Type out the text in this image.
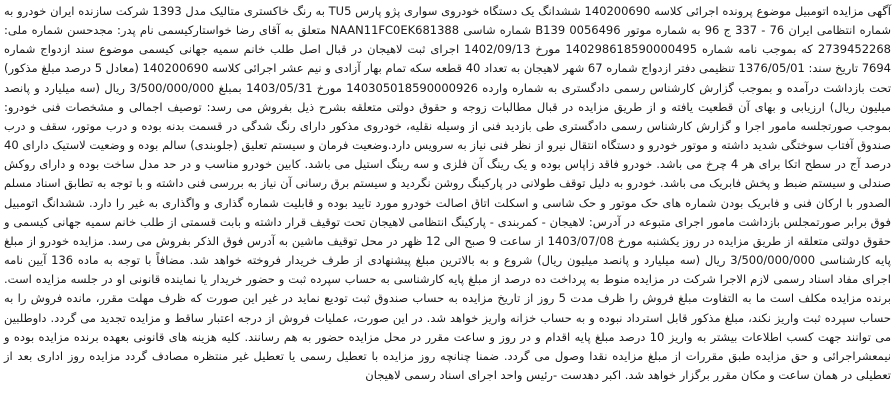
آگهی مزایده اتومبیل موضوع پرونده اجرائی کلاسه 140200690 ششدانگ یک دستگاه خودروی سواری پژو پارس TU5 به رنگ خاکستری متالیک مدل 1393 شرکت سازنده ایران خودرو به شماره انتظامی ایران 76 - 337 ج 96 به شماره موتور 0056496 B139 شماره شاسی NAAN11FC0EK681388 متعلق به آقای رضا خواستارکیسمی نام پدر: مجدحسن شماره ملی: 2739452268 که بموجب نامه شماره 140298618590000495 مورخ 1402/09/13 اجرای ثبت لاهیجان در قبال اصل طلب خانم سمیه جهانی کیسمی موضوع سند ازدواج شماره 7694 تاریخ سند: 1376/05/01 تنظیمی دفتر ازدواج شماره 67 شهر لاهیجان به تعداد 40 قطعه سکه تمام بهار آزادی و نیم عشر اجرائی کلاسه 140200690 (معادل 5 درصد مبلغ مذکور) تحت بازداشت درآمده و بموجب گزارش کارشناس رسمی دادگستری به شماره وارده 140305018590000926 مورخ 1403/05/31 بمبلغ 3/500/000/000 ریال (سه میلیارد و پانصد میلیون ریال) ارزیابی و بهای آن قطعیت یافته و از طریق مزایده در قبال مطالبات زوجه و حقوق دولتی متعلقه بشرح ذیل بفروش می رسد: توصیف اجمالی و مشخصات فنی خودرو: بموجب صورتجلسه مامور اجرا و گزارش کارشناس رسمی دادگستری طی بازدید فنی از وسیله نقلیه، خودروی مذکور دارای رنگ شدگی در قسمت بدنه بوده و درب موتور، سقف و درب صندوق آفتاب سوختگی شدید داشته و موتور خودرو و دستگاه انتقال نیرو از نظر فنی نیاز به سرویس دارد.وضعیت فرمان و سیستم تعلیق (جلوبندی) سالم بوده و وضعیت لاستیک دارای 40 درصد آج در سطح اتکا برای هر 4 چرخ می باشد. خودرو فاقد زاپاس بوده و یک رینگ آن فلزی و سه رینگ استیل می باشد. کابین خودرو مناسب و در حد مدل ساخت بوده و دارای روکش صندلی و سیستم ضبط و پخش فابریک می باشد. خودرو به دلیل توقف طولانی در پارکینگ روشن نگردید و سیستم برق رسانی آن نیاز به بررسی فنی داشته و با توجه به تطابق اسناد مسلم الصدور با ارکان فنی و فابریک بودن شماره های حک موتور و حک شاسی و اسکلت اتاق اصالت خودرو مورد تایید بوده و قابلیت شماره گذاری و واگذاری به غیر را دارد. ششدانگ اتومبیل فوق برابر صورتمجلس بازداشت مامور اجرای متبوعه در آدرس: لاهیجان - کمربندی - پارکینگ انتظامی لاهیجان تحت توقیف قرار داشته و بابت قسمتی از طلب خانم سمیه جهانی کیسمی و حقوق دولتی متعلقه از طریق مزایده در روز یکشنبه مورخ 1403/07/08 از ساعت 9 صبح الی 12 ظهر در محل توقیف ماشین به آدرس فوق الذکر بفروش می رسد. مزایده خودرو از مبلغ پایه کارشناسی 3/500/000/000 ریال (سه میلیارد و پانصد میلیون ریال) شروع و به بالاترین مبلغ پیشنهادی از طرف خریدار فروخته خواهد شد. مضافاً با توجه به ماده 136 آیین نامه اجرای مفاد اسناد رسمی لازم الاجرا شرکت در مزایده منوط به پرداخت ده درصد از مبلغ پایه کارشناسی به حساب سپرده ثبت و حضور خریدار یا نماینده قانونی او در جلسه مزایده است. برنده مزایده مکلف است ما به التفاوت مبلغ فروش را ظرف مدت 5 روز از تاریخ مزایده به حساب صندوق ثبت تودیع نماید در غیر این صورت که ظرف مهلت مقرر، مانده فروش را به حساب سپرده ثبت واریز نکند، مبلغ مذکور قابل استرداد نبوده و به حساب خزانه واریز خواهد شد. در این صورت، عملیات فروش از درجه اعتبار ساقط و مزایده تجدید می گردد. داوطلبین می توانند جهت کسب اطلاعات بیشتر به واریز 10 درصد مبلغ پایه اقدام و در روز و ساعت مقرر در محل مزایده حضور به هم رسانند. کلیه هزینه های قانونی بعهده برنده مزایده بوده و نیمعشراجرائی و حق مزایده طبق مقررات از مبلغ مزایده نقدا وصول می گردد. ضمنا چنانچه روز مزایده با تعطیل رسمی یا تعطیل غیر منتظره مصادف گردد مزایده روز اداری بعد از تعطیلی در همان ساعت و مکان مقرر برگزار خواهد شد. اکبر دهدست -رئیس واحد اجرای اسناد رسمی لاهیجان
